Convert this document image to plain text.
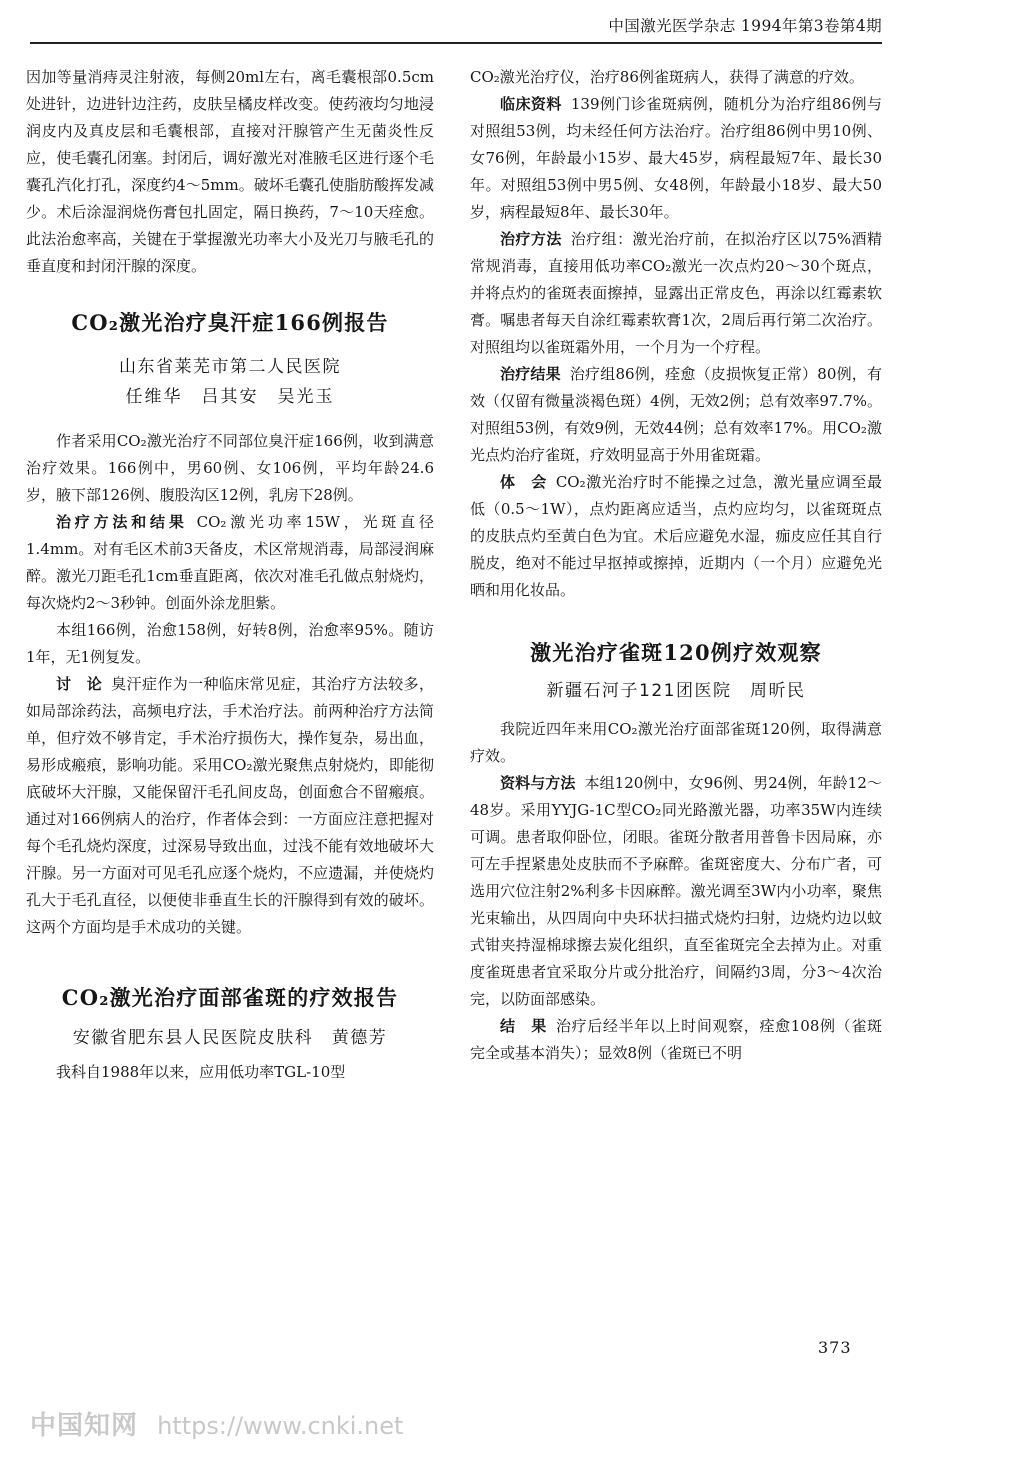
中国激光医学杂志 1994年第3卷第4期

因加等量消痔灵注射液，每侧20ml左右，离毛囊根部0.5cm处进针，边进针边注药，皮肤呈橘皮样改变。使药液均匀地浸润皮内及真皮层和毛囊根部，直接对汗腺管产生无菌炎性反应，使毛囊孔闭塞。封闭后，调好激光对准腋毛区进行逐个毛囊孔汽化打孔，深度约4～5mm。破坏毛囊孔使脂肪酸挥发减少。术后涂湿润烧伤膏包扎固定，隔日换药，7～10天痊愈。此法治愈率高，关键在于掌握激光功率大小及光刀与腋毛孔的垂直度和封闭汗腺的深度。

CO₂激光治疗臭汗症166例报告
山东省莱芜市第二人民医院
任维华　吕其安　吴光玉

作者采用CO₂激光治疗不同部位臭汗症166例，收到满意治疗效果。166例中，男60例、女106例，平均年龄24.6岁，腋下部126例、腹股沟区12例，乳房下28例。

治疗方法和结果 CO₂激光功率15W，光斑直径1.4mm。对有毛区术前3天备皮，术区常规消毒，局部浸润麻醉。激光刀距毛孔1cm垂直距离，依次对准毛孔做点射烧灼，每次烧灼2～3秒钟。创面外涂龙胆紫。

本组166例，治愈158例，好转8例，治愈率95%。随访1年，无1例复发。

讨　论 臭汗症作为一种临床常见症，其治疗方法较多，如局部涂药法，高频电疗法，手术治疗法。前两种治疗方法简单，但疗效不够肯定，手术治疗损伤大，操作复杂，易出血，易形成瘢痕，影响功能。采用CO₂激光聚焦点射烧灼，即能彻底破坏大汗腺，又能保留汗毛孔间皮岛，创面愈合不留瘢痕。通过对166例病人的治疗，作者体会到：一方面应注意把握对每个毛孔烧灼深度，过深易导致出血，过浅不能有效地破坏大汗腺。另一方面对可见毛孔应逐个烧灼，不应遗漏，并使烧灼孔大于毛孔直径，以便使非垂直生长的汗腺得到有效的破坏。这两个方面均是手术成功的关键。

CO₂激光治疗面部雀斑的疗效报告
安徽省肥东县人民医院皮肤科　黄德芳

我科自1988年以来，应用低功率TGL-10型

CO₂激光治疗仪，治疗86例雀斑病人，获得了满意的疗效。

临床资料 139例门诊雀斑病例，随机分为治疗组86例与对照组53例，均未经任何方法治疗。治疗组86例中男10例、女76例，年龄最小15岁、最大45岁，病程最短7年、最长30年。对照组53例中男5例、女48例，年龄最小18岁、最大50岁，病程最短8年、最长30年。

治疗方法 治疗组：激光治疗前，在拟治疗区以75%酒精常规消毒，直接用低功率CO₂激光一次点灼20～30个斑点，并将点灼的雀斑表面擦掉，显露出正常皮色，再涂以红霉素软膏。嘱患者每天自涂红霉素软膏1次，2周后再行第二次治疗。对照组均以雀斑霜外用，一个月为一个疗程。

治疗结果 治疗组86例，痊愈（皮损恢复正常）80例，有效（仅留有微量淡褐色斑）4例，无效2例；总有效率97.7%。对照组53例，有效9例，无效44例；总有效率17%。用CO₂激光点灼治疗雀斑，疗效明显高于外用雀斑霜。

体　会 CO₂激光治疗时不能操之过急，激光量应调至最低（0.5～1W），点灼距离应适当，点灼应均匀，以雀斑斑点的皮肤点灼至黄白色为宜。术后应避免水湿，痂皮应任其自行脱皮，绝对不能过早抠掉或擦掉，近期内（一个月）应避免光晒和用化妆品。

激光治疗雀斑120例疗效观察
新疆石河子121团医院　周昕民

我院近四年来用CO₂激光治疗面部雀斑120例，取得满意疗效。

资料与方法 本组120例中，女96例、男24例，年龄12～48岁。采用YYJG-1C型CO₂同光路激光器，功率35W内连续可调。患者取仰卧位，闭眼。雀斑分散者用普鲁卡因局麻，亦可左手捏紧患处皮肤而不予麻醉。雀斑密度大、分布广者，可选用穴位注射2%利多卡因麻醉。激光调至3W内小功率，聚焦光束输出，从四周向中央环状扫描式烧灼扫射，边烧灼边以蚊式钳夹持湿棉球擦去炭化组织，直至雀斑完全去掉为止。对重度雀斑患者宜采取分片或分批治疗，间隔约3周，分3～4次治完，以防面部感染。

结　果 治疗后经半年以上时间观察，痊愈108例（雀斑完全或基本消失）；显效8例（雀斑已不明

373
中国知网 https://www.cnki.net
